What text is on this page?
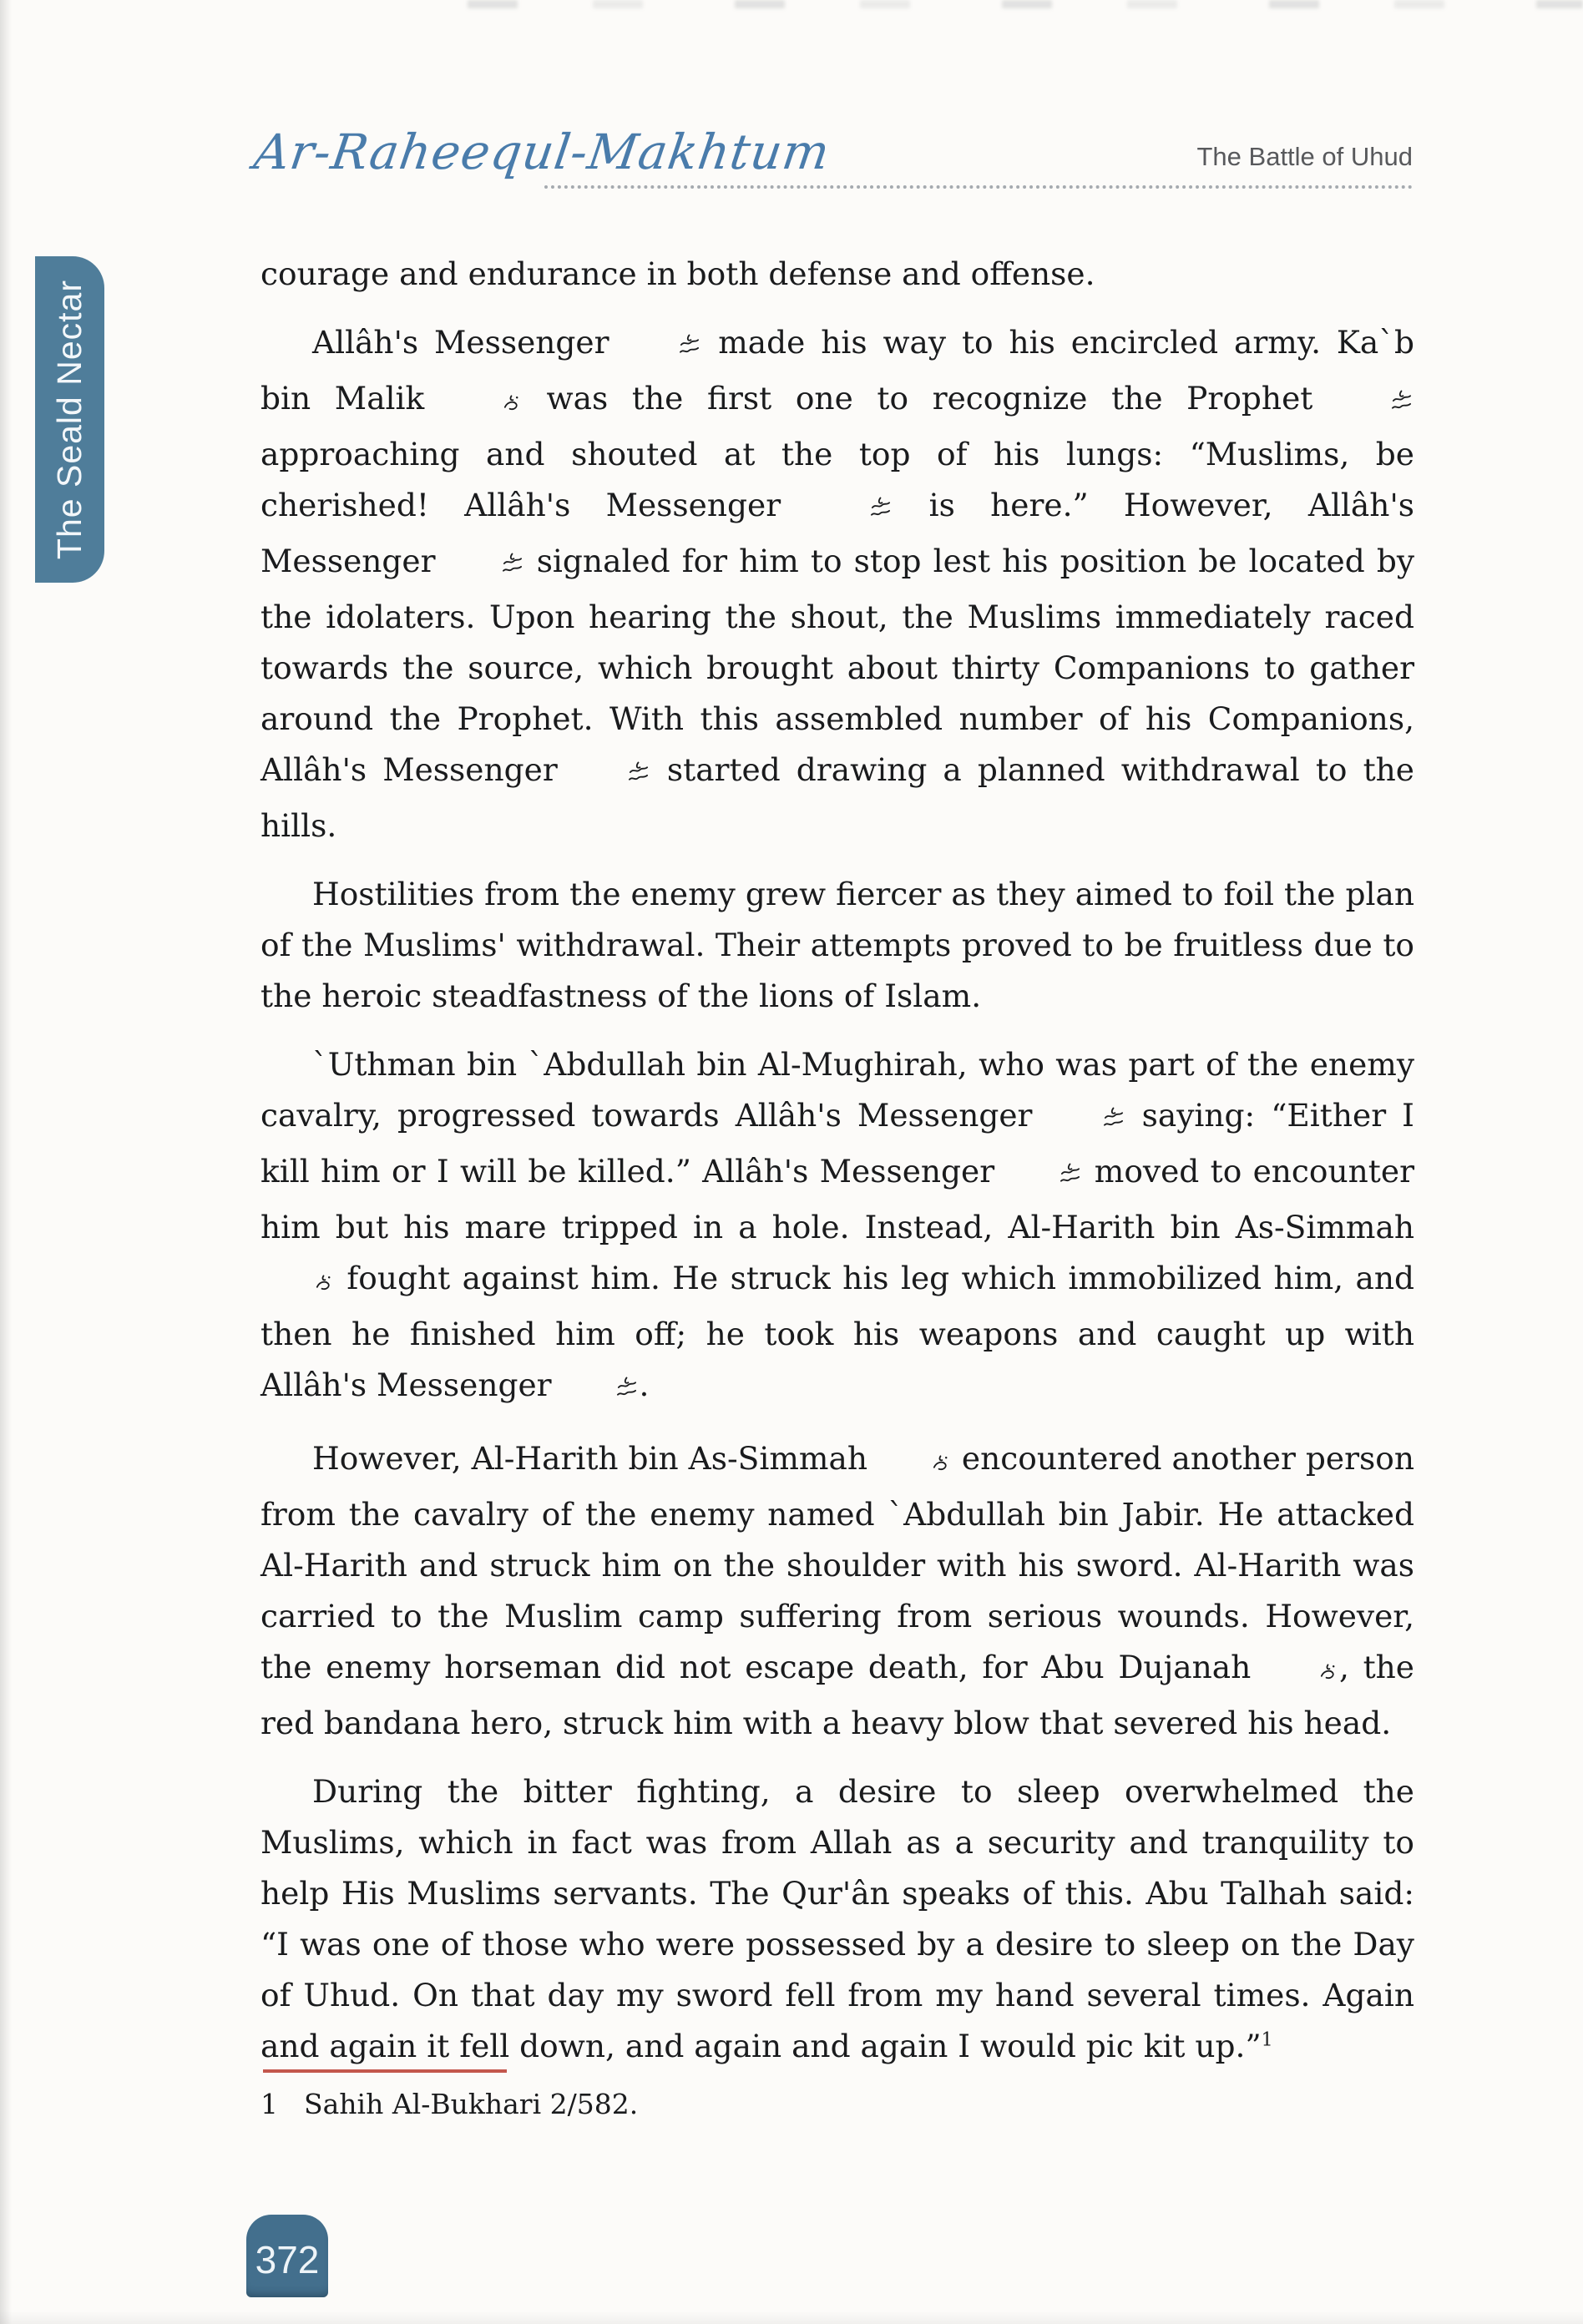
Ar-Raheequl-Makhtum	The Battle of Uhud
The Seald Nectar

courage and endurance in both defense and offense.

Allâh's Messenger  made his way to his encircled army. Ka`b bin Malik  was the first one to recognize the Prophet  approaching and shouted at the top of his lungs: “Muslims, be cherished! Allâh's Messenger  is here.” However, Allâh's Messenger  signaled for him to stop lest his position be located by the idolaters. Upon hearing the shout, the Muslims immediately raced towards the source, which brought about thirty Companions to gather around the Prophet. With this assembled number of his Companions, Allâh's Messenger  started drawing a planned withdrawal to the hills.

Hostilities from the enemy grew fiercer as they aimed to foil the plan of the Muslims' withdrawal. Their attempts proved to be fruitless due to the heroic steadfastness of the lions of Islam.

`Uthman bin `Abdullah bin Al-Mughirah, who was part of the enemy cavalry, progressed towards Allâh's Messenger  saying: “Either I kill him or I will be killed.” Allâh's Messenger  moved to encounter him but his mare tripped in a hole. Instead, Al-Harith bin As-Simmah  fought against him. He struck his leg which immobilized him, and then he finished him off; he took his weapons and caught up with Allâh's Messenger .

However, Al-Harith bin As-Simmah  encountered another person from the cavalry of the enemy named `Abdullah bin Jabir. He attacked Al-Harith and struck him on the shoulder with his sword. Al-Harith was carried to the Muslim camp suffering from serious wounds. However, the enemy horseman did not escape death, for Abu Dujanah , the red bandana hero, struck him with a heavy blow that severed his head.

During the bitter fighting, a desire to sleep overwhelmed the Muslims, which in fact was from Allah as a security and tranquility to help His Muslims servants. The Qur'ân speaks of this. Abu Talhah said: “I was one of those who were possessed by a desire to sleep on the Day of Uhud. On that day my sword fell from my hand several times. Again and again it fell down, and again and again I would pic kit up.”$^1$

1 Sahih Al-Bukhari 2/582.
372
